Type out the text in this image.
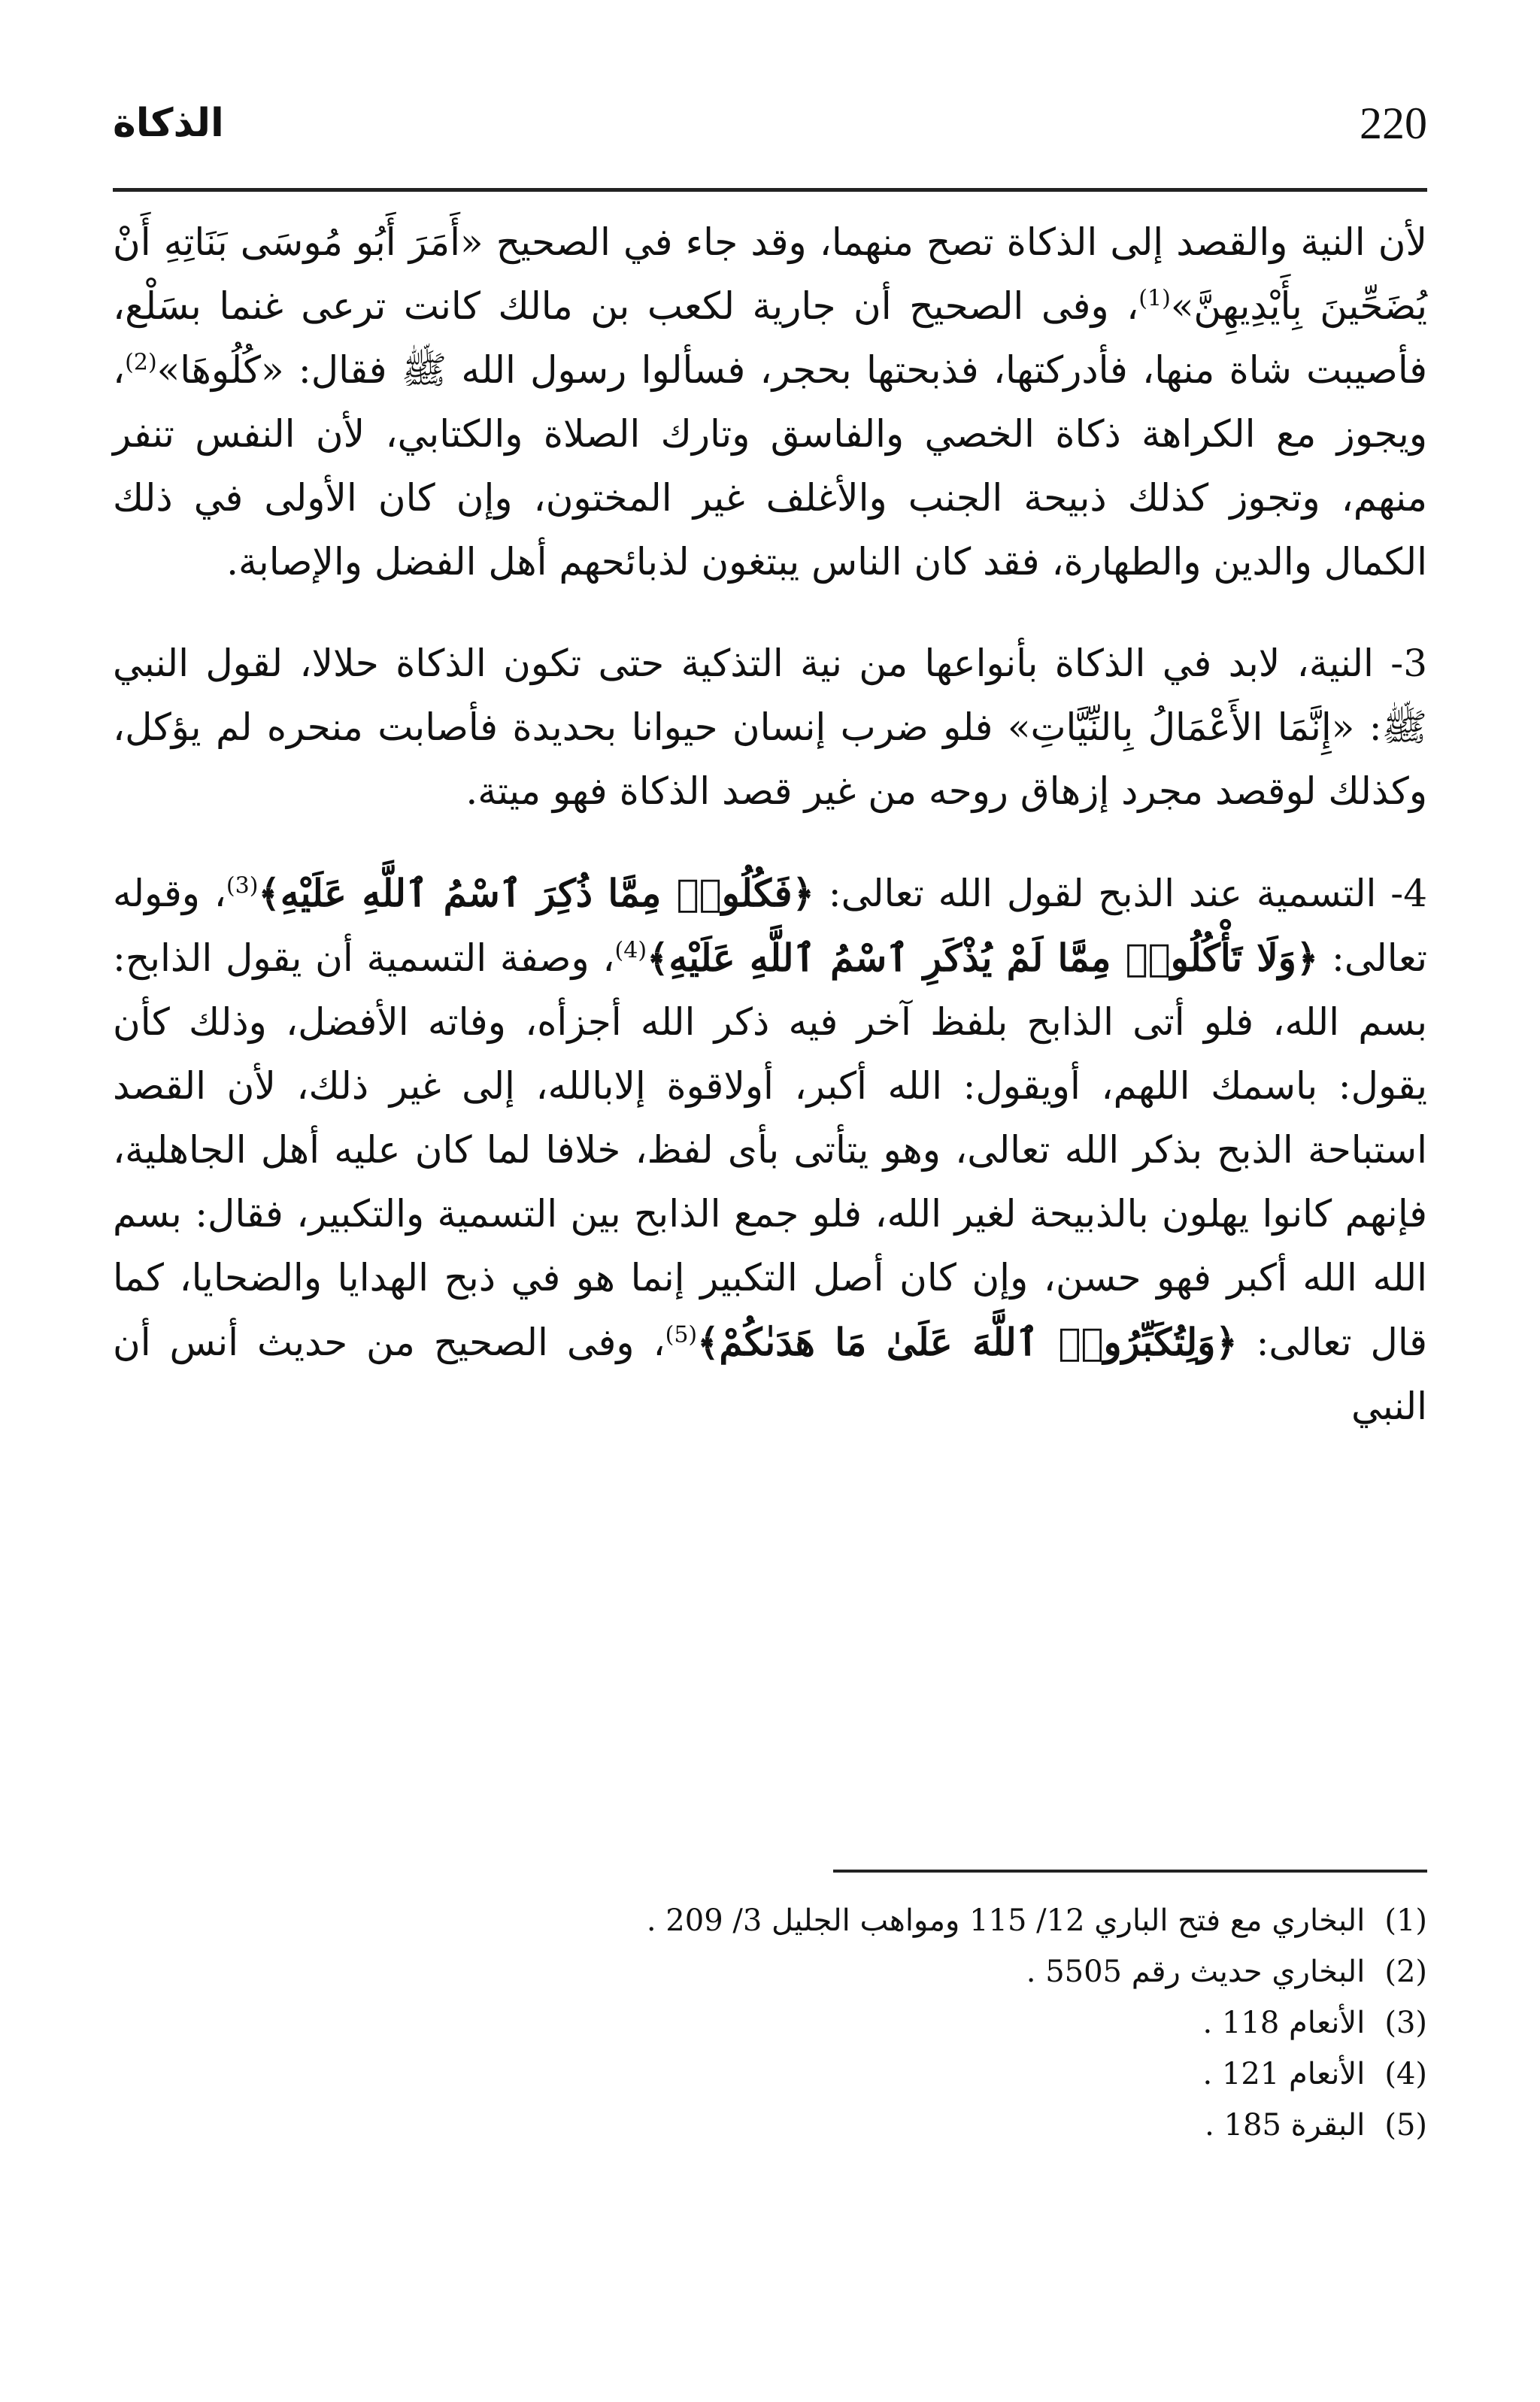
220
الذكاة

لأن النية والقصد إلى الذكاة تصح منهما، وقد جاء في الصحيح «أَمَرَ أَبُو مُوسَى بَنَاتِهِ أَنْ يُضَحِّينَ بِأَيْدِيهِنَّ»$^{(1)}$، وفى الصحيح أن جارية لكعب بن مالك كانت ترعى غنما بسَلْع، فأصيبت شاة منها، فأدركتها، فذبحتها بحجر، فسألوا رسول الله ﷺ فقال: «كُلُوهَا»$^{(2)}$، ويجوز مع الكراهة ذكاة الخصي والفاسق وتارك الصلاة والكتابي، لأن النفس تنفر منهم، وتجوز كذلك ذبيحة الجنب والأغلف غير المختون، وإن كان الأولى في ذلك الكمال والدين والطهارة، فقد كان الناس يبتغون لذبائحهم أهل الفضل والإصابة.

3- النية، لابد في الذكاة بأنواعها من نية التذكية حتى تكون الذكاة حلالا، لقول النبي ﷺ: «إِنَّمَا الأَعْمَالُ بِالنِّيَّاتِ» فلو ضرب إنسان حيوانا بحديدة فأصابت منحره لم يؤكل، وكذلك لوقصد مجرد إزهاق روحه من غير قصد الذكاة فهو ميتة.

4- التسمية عند الذبح لقول الله تعالى: ﴿فَكُلُوا۟ مِمَّا ذُكِرَ ٱسْمُ ٱللَّهِ عَلَيْهِ﴾$^{(3)}$، وقوله تعالى: ﴿وَلَا تَأْكُلُوا۟ مِمَّا لَمْ يُذْكَرِ ٱسْمُ ٱللَّهِ عَلَيْهِ﴾$^{(4)}$، وصفة التسمية أن يقول الذابح: بسم الله، فلو أتى الذابح بلفظ آخر فيه ذكر الله أجزأه، وفاته الأفضل، وذلك كأن يقول: باسمك اللهم، أويقول: الله أكبر، أولاقوة إلابالله، إلى غير ذلك، لأن القصد استباحة الذبح بذكر الله تعالى، وهو يتأتى بأى لفظ، خلافا لما كان عليه أهل الجاهلية، فإنهم كانوا يهلون بالذبيحة لغير الله، فلو جمع الذابح بين التسمية والتكبير، فقال: بسم الله الله أكبر فهو حسن، وإن كان أصل التكبير إنما هو في ذبح الهدايا والضحايا، كما قال تعالى: ﴿وَلِتُكَبِّرُوا۟ ٱللَّهَ عَلَىٰ مَا هَدَىٰكُمْ﴾$^{(5)}$، وفى الصحيح من حديث أنس أن النبي

(1)
البخاري مع فتح الباري 12/ 115 ومواهب الجليل 3/ 209 .
(2)
البخاري حديث رقم 5505 .
(3)
الأنعام 118 .
(4)
الأنعام 121 .
(5)
البقرة 185 .
